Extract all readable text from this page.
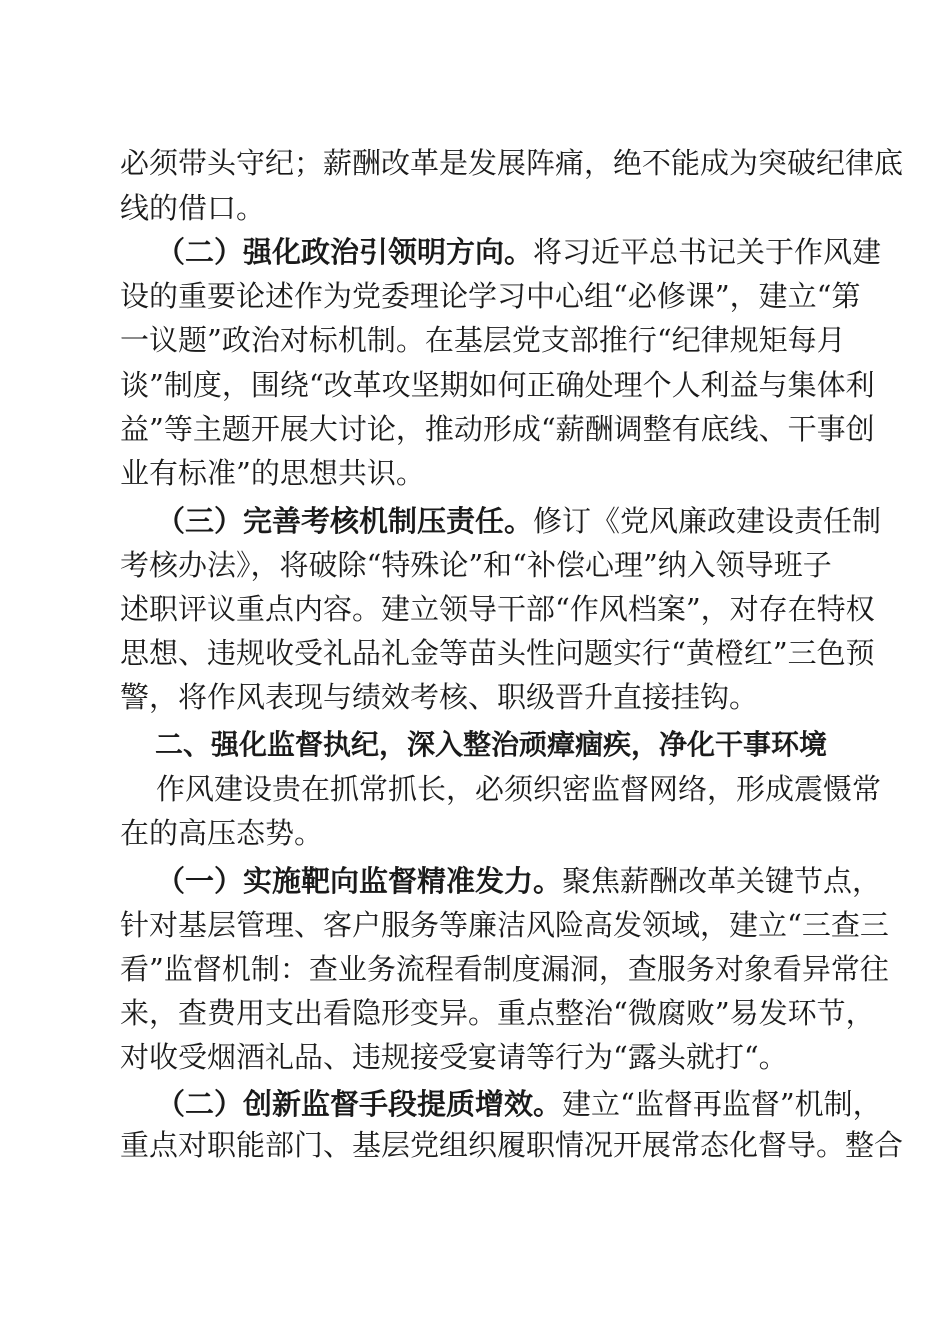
必须带头守纪；薪酬改革是发展阵痛，绝不能成为突破纪律底
线的借口。
（二）强化政治引领明方向。将习近平总书记关于作风建
设的重要论述作为党委理论学习中心组“必修课”，建立“第
一议题”政治对标机制。在基层党支部推行“纪律规矩每月
谈”制度，围绕“改革攻坚期如何正确处理个人利益与集体利
益”等主题开展大讨论，推动形成“薪酬调整有底线、干事创
业有标准”的思想共识。
（三）完善考核机制压责任。修订《党风廉政建设责任制
考核办法》，将破除“特殊论”和“补偿心理”纳入领导班子
述职评议重点内容。建立领导干部“作风档案”，对存在特权
思想、违规收受礼品礼金等苗头性问题实行“黄橙红”三色预
警，将作风表现与绩效考核、职级晋升直接挂钩。
二、强化监督执纪，深入整治顽瘴痼疾，净化干事环境
作风建设贵在抓常抓长，必须织密监督网络，形成震慑常
在的高压态势。
（一）实施靶向监督精准发力。聚焦薪酬改革关键节点，
针对基层管理、客户服务等廉洁风险高发领域，建立“三查三
看”监督机制：查业务流程看制度漏洞，查服务对象看异常往
来，查费用支出看隐形变异。重点整治“微腐败”易发环节，
对收受烟酒礼品、违规接受宴请等行为“露头就打“。
（二）创新监督手段提质增效。建立“监督再监督”机制，
重点对职能部门、基层党组织履职情况开展常态化督导。整合
